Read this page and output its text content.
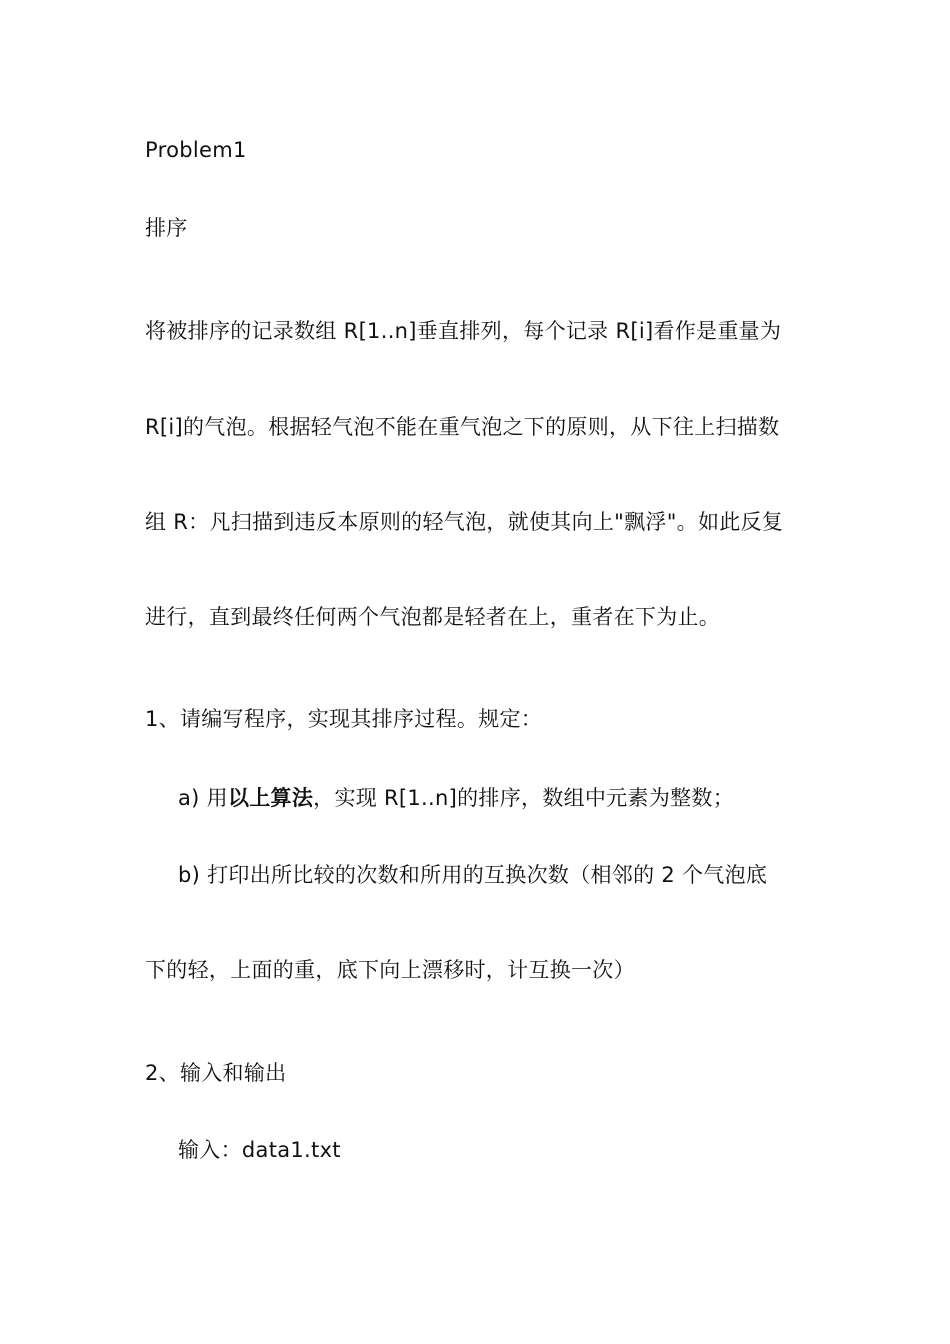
Problem1
排序
将被排序的记录数组 R[1..n]垂直排列，每个记录 R[i]看作是重量为
R[i]的气泡。根据轻气泡不能在重气泡之下的原则，从下往上扫描数
组 R：凡扫描到违反本原则的轻气泡，就使其向上"飘浮"。如此反复
进行，直到最终任何两个气泡都是轻者在上，重者在下为止。
1、请编写程序，实现其排序过程。规定：
a) 用以上算法，实现 R[1..n]的排序，数组中元素为整数；
b) 打印出所比较的次数和所用的互换次数（相邻的 2 个气泡底
下的轻，上面的重，底下向上漂移时，计互换一次）
2、输入和输出
输入：data1.txt
